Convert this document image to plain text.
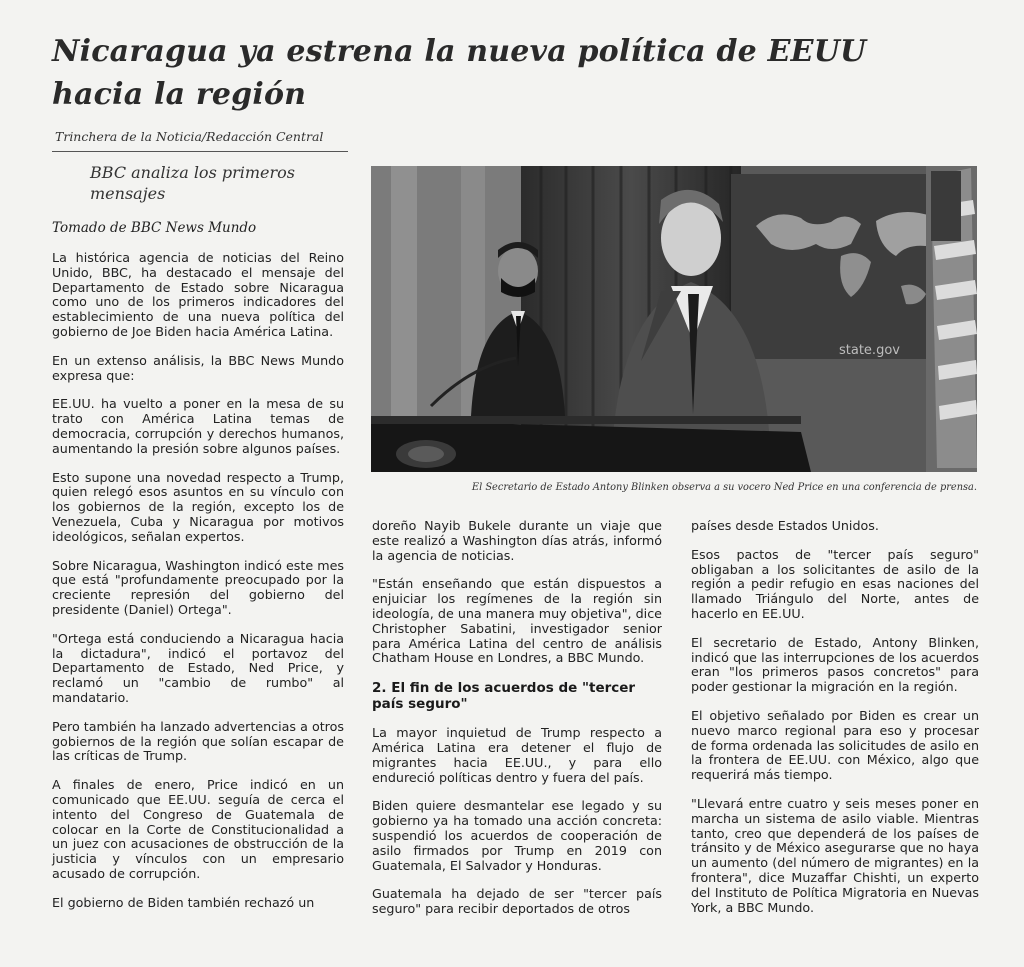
Nicaragua ya estrena la nueva política de EEUU hacia la región
Trinchera de la Noticia/Redacción Central
BBC analiza los primeros mensajes
Tomado de BBC News Mundo

La histórica agencia de noticias del Reino Unido, BBC, ha destacado el mensaje del Departamento de Estado sobre Nicaragua como uno de los primeros indicadores del establecimiento de una nueva política del gobierno de Joe Biden hacia América Latina.

En un extenso análisis, la BBC News Mundo expresa que:

EE.UU. ha vuelto a poner en la mesa de su trato con América Latina temas de democracia, corrupción y derechos humanos, aumentando la presión sobre algunos países.

Esto supone una novedad respecto a Trump, quien relegó esos asuntos en su vínculo con los gobiernos de la región, excepto los de Venezuela, Cuba y Nicaragua por motivos ideológicos, señalan expertos.

Sobre Nicaragua, Washington indicó este mes que está "profundamente preocupado por la creciente represión del gobierno del presidente (Daniel) Ortega".

"Ortega está conduciendo a Nicaragua hacia la dictadura", indicó el portavoz del Departamento de Estado, Ned Price, y reclamó un "cambio de rumbo" al mandatario.

Pero también ha lanzado advertencias a otros gobiernos de la región que solían escapar de las críticas de Trump.

A finales de enero, Price indicó en un comunicado que EE.UU. seguía de cerca el intento del Congreso de Guatemala de colocar en la Corte de Constitucionalidad a un juez con acusaciones de obstrucción de la justicia y vínculos con un empresario acusado de corrupción.

El gobierno de Biden también rechazó un

state.gov
El Secretario de Estado Antony Blinken observa a su vocero Ned Price en una conferencia de prensa.

doreño Nayib Bukele durante un viaje que este realizó a Washington días atrás, informó la agencia de noticias.

"Están enseñando que están dispuestos a enjuiciar los regímenes de la región sin ideología, de una manera muy objetiva", dice Christopher Sabatini, investigador senior para América Latina del centro de análisis Chatham House en Londres, a BBC Mundo.

2. El fin de los acuerdos de "tercer país seguro"

La mayor inquietud de Trump respecto a América Latina era detener el flujo de migrantes hacia EE.UU., y para ello endureció políticas dentro y fuera del país.

Biden quiere desmantelar ese legado y su gobierno ya ha tomado una acción concreta: suspendió los acuerdos de cooperación de asilo firmados por Trump en 2019 con Guatemala, El Salvador y Honduras.

Guatemala ha dejado de ser "tercer país seguro" para recibir deportados de otros

países desde Estados Unidos.

Esos pactos de "tercer país seguro" obligaban a los solicitantes de asilo de la región a pedir refugio en esas naciones del llamado Triángulo del Norte, antes de hacerlo en EE.UU.

El secretario de Estado, Antony Blinken, indicó que las interrupciones de los acuerdos eran "los primeros pasos concretos" para poder gestionar la migración en la región.

El objetivo señalado por Biden es crear un nuevo marco regional para eso y procesar de forma ordenada las solicitudes de asilo en la frontera de EE.UU. con México, algo que requerirá más tiempo.

"Llevará entre cuatro y seis meses poner en marcha un sistema de asilo viable. Mientras tanto, creo que dependerá de los países de tránsito y de México asegurarse que no haya un aumento (del número de migrantes) en la frontera", dice Muzaffar Chishti, un experto del Instituto de Política Migratoria en Nuevas York, a BBC Mundo.
